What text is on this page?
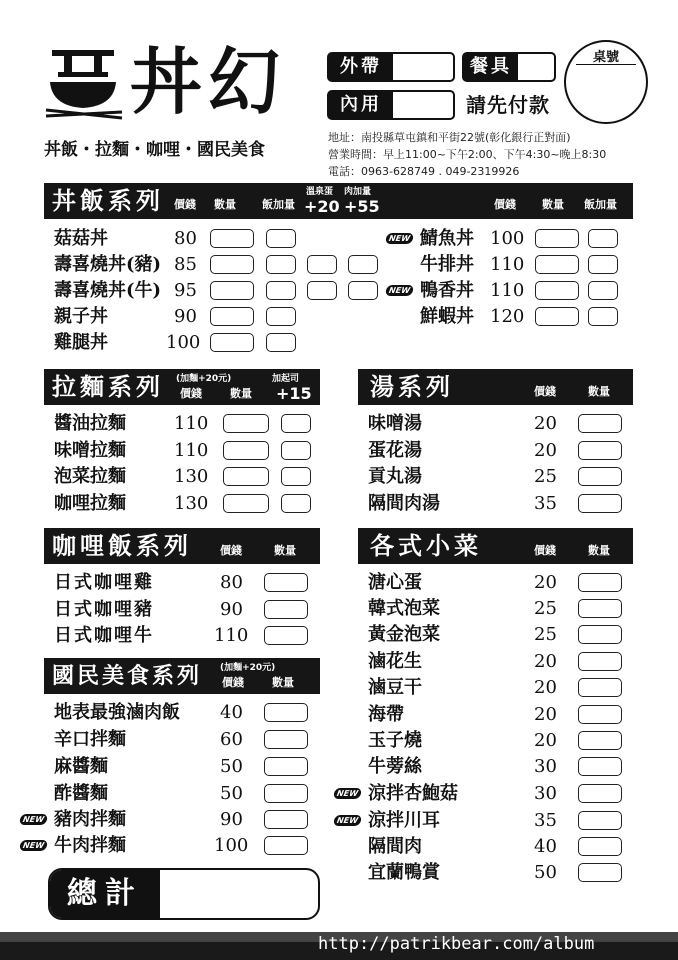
丼幻
丼飯・拉麵・咖哩・國民美食
外帶
內用
餐具
請先付款
桌號
地址：南投縣草屯鎮和平街22號(彰化銀行正對面)
營業時間：早上11:00~下午2:00、下午4:30~晚上8:30
電話：0963-628749 . 049-2319926
丼飯系列 價錢 數量 飯加量
溫泉蛋
+20
肉加量
+55	價錢 數量 飯加量
菇菇丼	80
壽喜燒丼(豬) 85
壽喜燒丼(牛) 95
親子丼	90
雞腿丼	100
NEW 鯖魚丼 100
牛排丼 110
NEW 鴨香丼 110
鮮蝦丼 120
拉麵系列 (加麵+20元)
價錢	數量
加起司
+15
醬油拉麵	110
味噌拉麵	110
泡菜拉麵	130
咖哩拉麵	130
湯系列	價錢	數量
味噌湯	20
蛋花湯	20
貢丸湯	25
隔間肉湯	35
咖哩飯系列	價錢	數量
日式咖哩雞	80
日式咖哩豬	90
日式咖哩牛	110
各式小菜	價錢	數量
溏心蛋	20
韓式泡菜	25
黃金泡菜	25
滷花生	20
滷豆干	20
海帶	20
玉子燒	20
牛蒡絲	30
NEW 涼拌杏鮑菇	30
NEW 涼拌川耳	35
隔間肉	40
宜蘭鴨賞	50
國民美食系列 (加麵+20元)
價錢	數量
地表最強滷肉飯 40
辛口拌麵	60
麻醬麵	50
酢醬麵	50
NEW 豬肉拌麵	90
NEW 牛肉拌麵	100
總計
http://patrikbear.com/album
